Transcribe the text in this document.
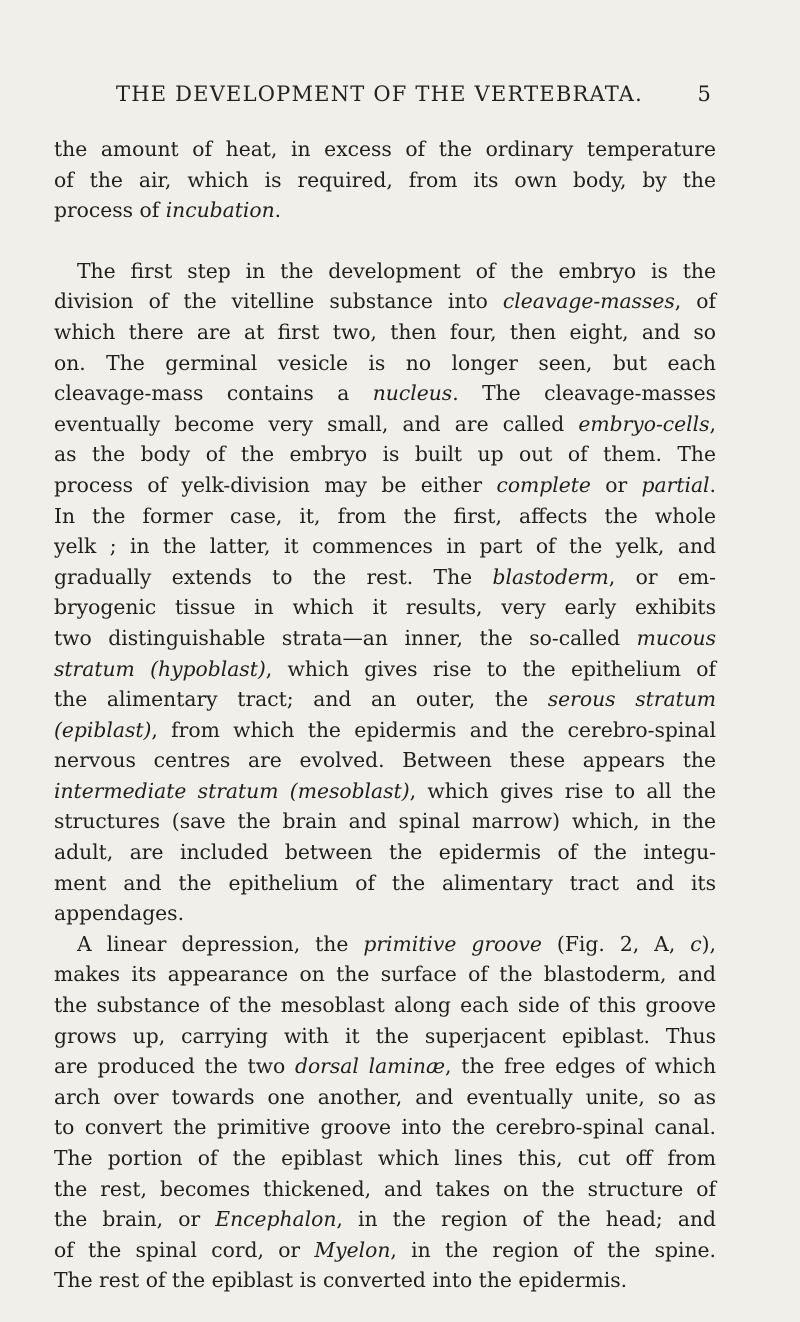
THE DEVELOPMENT OF THE VERTEBRATA.	5
the amount of heat, in excess of the ordinary temperature
of the air, which is required, from its own body, by the
process of incubation.
The first step in the development of the embryo is the
division of the vitelline substance into cleavage-masses, of
which there are at first two, then four, then eight, and so
on. The germinal vesicle is no longer seen, but each
cleavage-mass contains a nucleus. The cleavage-masses
eventually become very small, and are called embryo-cells,
as the body of the embryo is built up out of them. The
process of yelk-division may be either complete or partial.
In the former case, it, from the first, affects the whole
yelk ; in the latter, it commences in part of the yelk, and
gradually extends to the rest. The blastoderm, or em-
bryogenic tissue in which it results, very early exhibits
two distinguishable strata—an inner, the so-called mucous
stratum (hypoblast), which gives rise to the epithelium of
the alimentary tract; and an outer, the serous stratum
(epiblast), from which the epidermis and the cerebro-spinal
nervous centres are evolved. Between these appears the
intermediate stratum (mesoblast), which gives rise to all the
structures (save the brain and spinal marrow) which, in the
adult, are included between the epidermis of the integu-
ment and the epithelium of the alimentary tract and its
appendages.
A linear depression, the primitive groove (Fig. 2, A, c),
makes its appearance on the surface of the blastoderm, and
the substance of the mesoblast along each side of this groove
grows up, carrying with it the superjacent epiblast. Thus
are produced the two dorsal laminæ, the free edges of which
arch over towards one another, and eventually unite, so as
to convert the primitive groove into the cerebro-spinal canal.
The portion of the epiblast which lines this, cut off from
the rest, becomes thickened, and takes on the structure of
the brain, or Encephalon, in the region of the head; and
of the spinal cord, or Myelon, in the region of the spine.
The rest of the epiblast is converted into the epidermis.
